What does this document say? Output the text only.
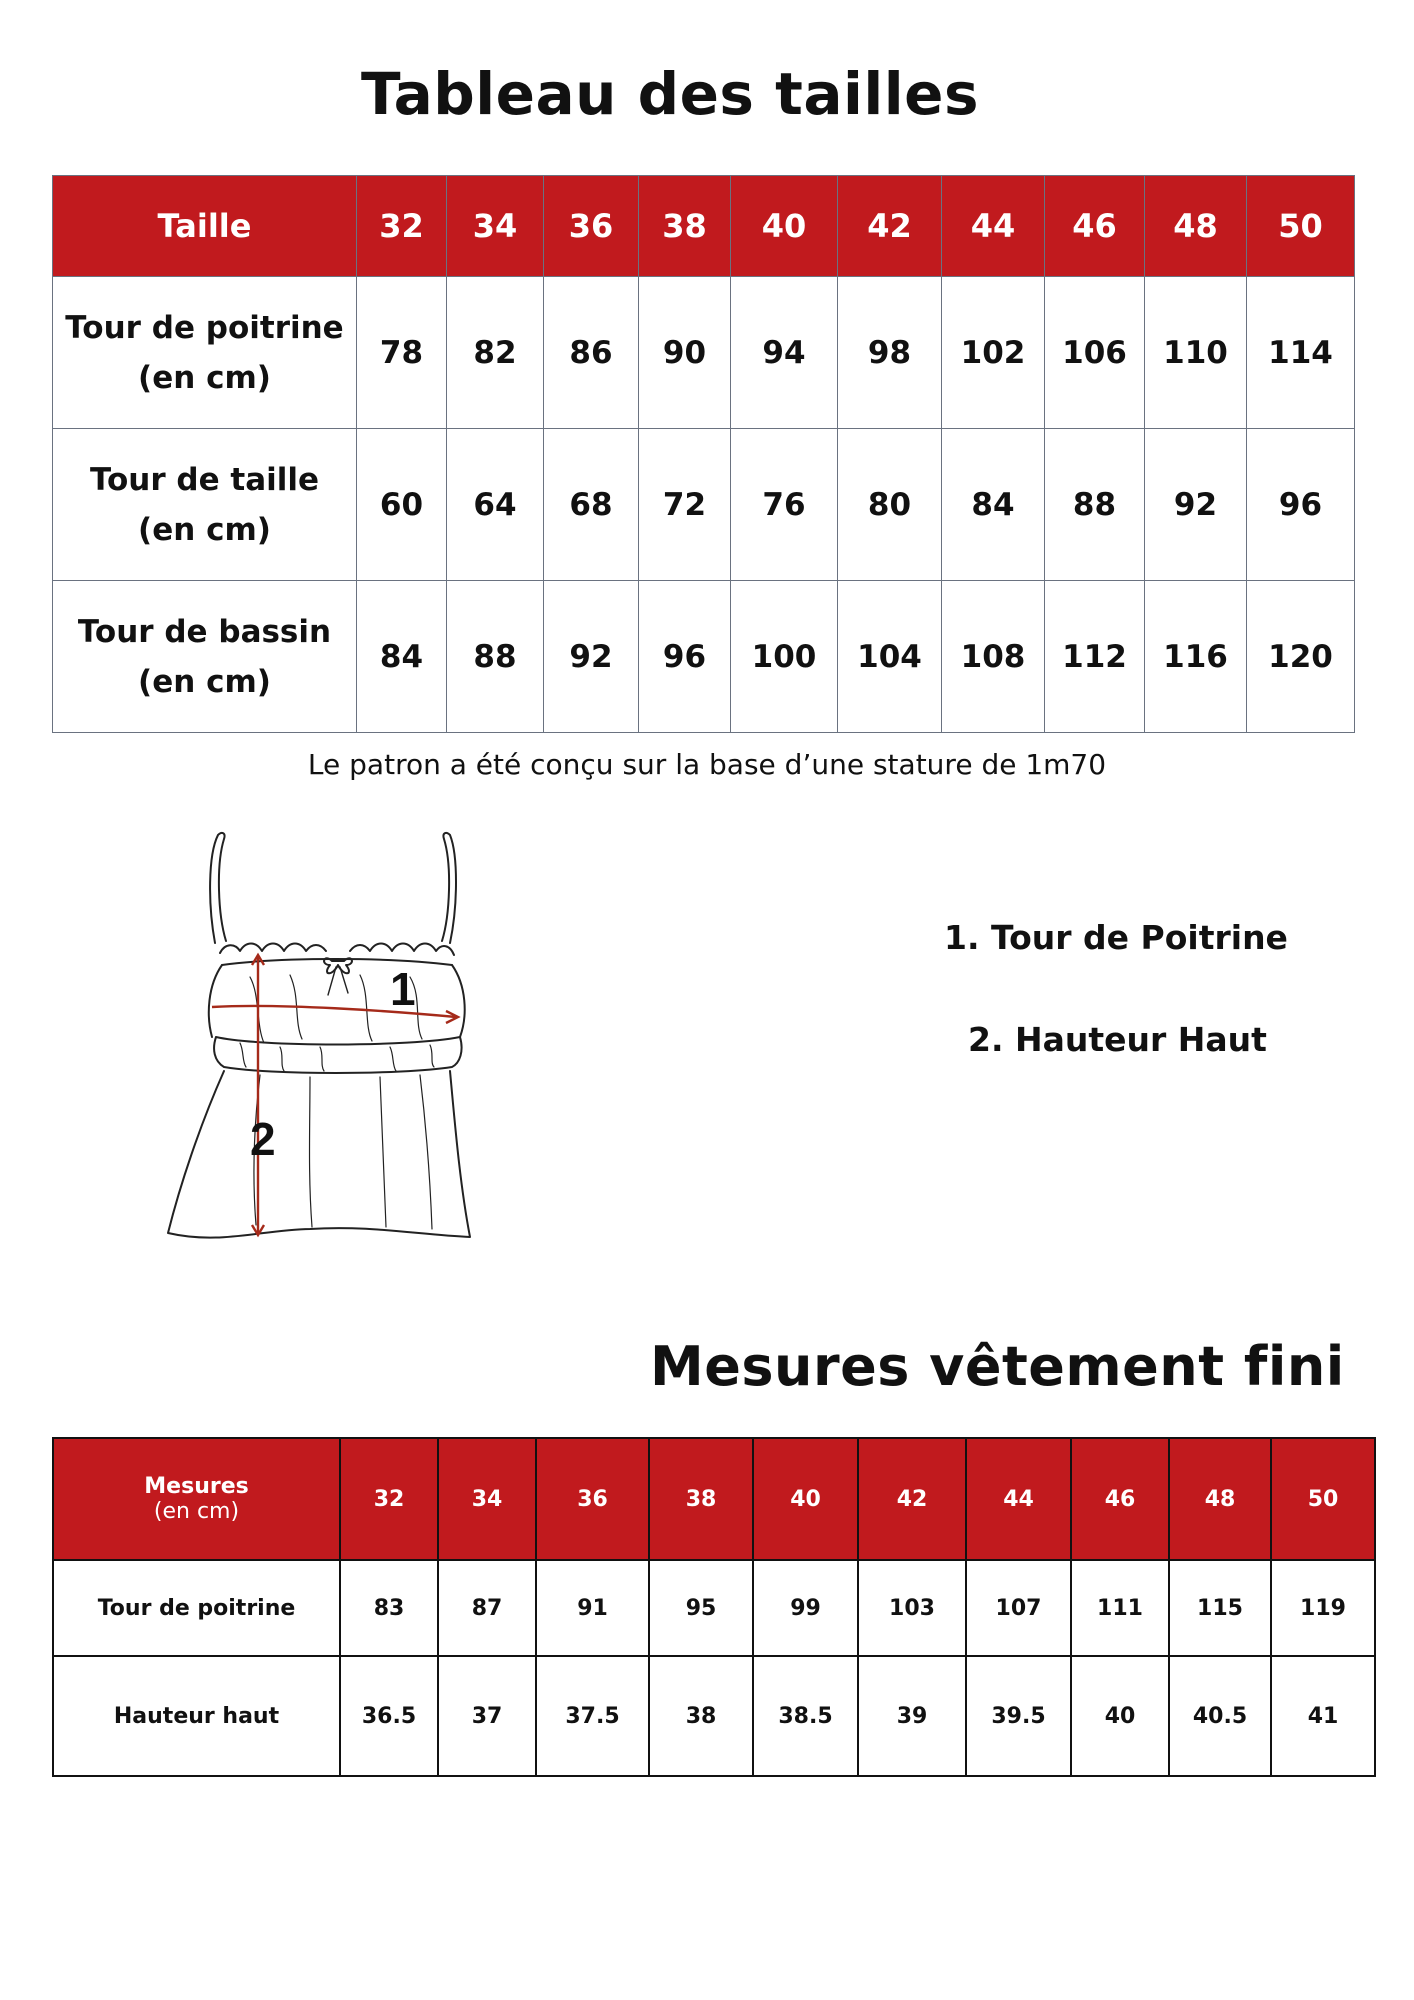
Tableau des tailles
Taille	32	34	36	38	40	42	44	46	48	50
Tour de poitrine
(en cm)	78	82	86	90	94	98	102	106	110	114
Tour de taille
(en cm)	60	64	68	72	76	80	84	88	92	96
Tour de bassin
(en cm)	84	88	92	96	100	104	108	112	116	120
Le patron a été conçu sur la base d’une stature de 1m70
1
2
1. Tour de Poitrine
2. Hauteur Haut
Mesures vêtement fini
Mesures
(en cm)	32	34	36	38	40	42	44	46	48	50
Tour de poitrine	83	87	91	95	99	103	107	111	115	119
Hauteur haut	36.5	37	37.5	38	38.5	39	39.5	40	40.5	41
